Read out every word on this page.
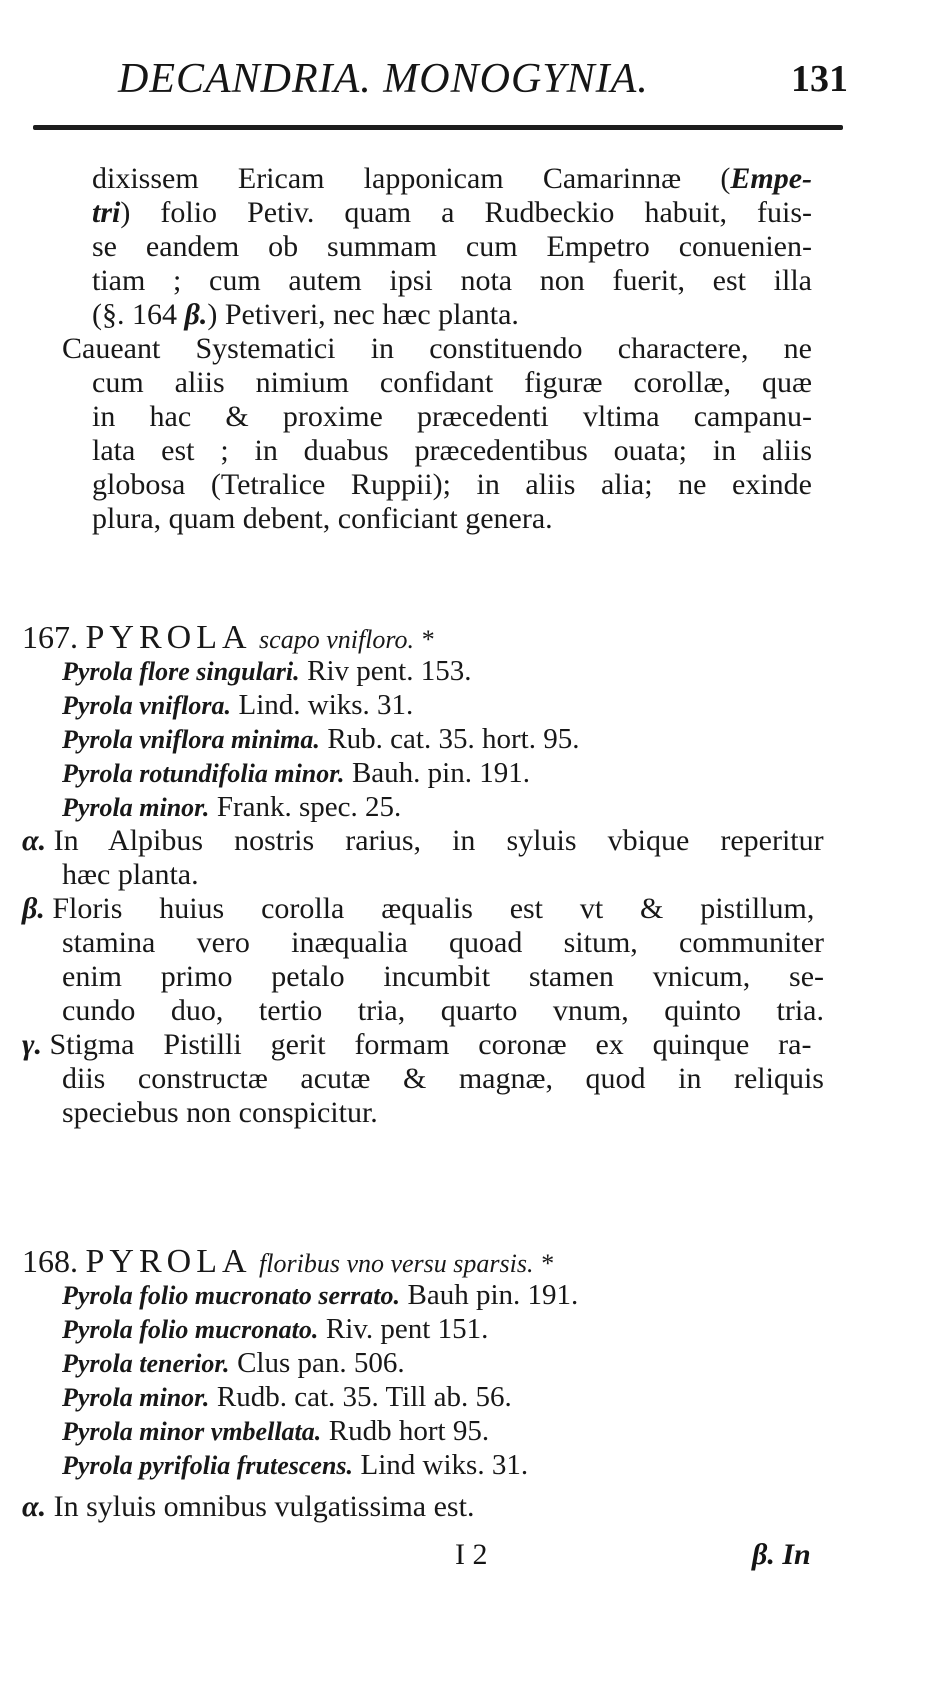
DECANDRIA. MONOGYNIA.	131
dixissem Ericam lapponicam Camarinnæ (Empe-
tri) folio Petiv. quam a Rudbeckio habuit, fuis-
se eandem ob summam cum Empetro conuenien-
tiam ; cum autem ipsi nota non fuerit, est illa
(§. 164 β.) Petiveri, nec hæc planta.
Caueant Systematici in constituendo charactere, ne
cum aliis nimium confidant figuræ corollæ, quæ
in hac & proxime præcedenti vltima campanu-
lata est ; in duabus præcedentibus ouata; in aliis
globosa (Tetralice Ruppii); in aliis alia; ne exinde
plura, quam debent, conficiant genera.
167. PYROLA scapo vnifloro. *
Pyrola flore singulari. Riv pent. 153.
Pyrola vniflora. Lind. wiks. 31.
Pyrola vniflora minima. Rub. cat. 35. hort. 95.
Pyrola rotundifolia minor. Bauh. pin. 191.
Pyrola minor. Frank. spec. 25.
α. In Alpibus nostris rarius, in syluis vbique reperitur
hæc planta.
β. Floris huius corolla æqualis est vt & pistillum,
stamina vero inæqualia quoad situm, communiter
enim primo petalo incumbit stamen vnicum, se-
cundo duo, tertio tria, quarto vnum, quinto tria.
γ. Stigma Pistilli gerit formam coronæ ex quinque ra-
diis constructæ acutæ & magnæ, quod in reliquis
speciebus non conspicitur.
168. PYROLA floribus vno versu sparsis. *
Pyrola folio mucronato serrato. Bauh pin. 191.
Pyrola folio mucronato. Riv. pent 151.
Pyrola tenerior. Clus pan. 506.
Pyrola minor. Rudb. cat. 35. Till ab. 56.
Pyrola minor vmbellata. Rudb hort 95.
Pyrola pyrifolia frutescens. Lind wiks. 31.
α. In syluis omnibus vulgatissima est.
I 2	β. In
